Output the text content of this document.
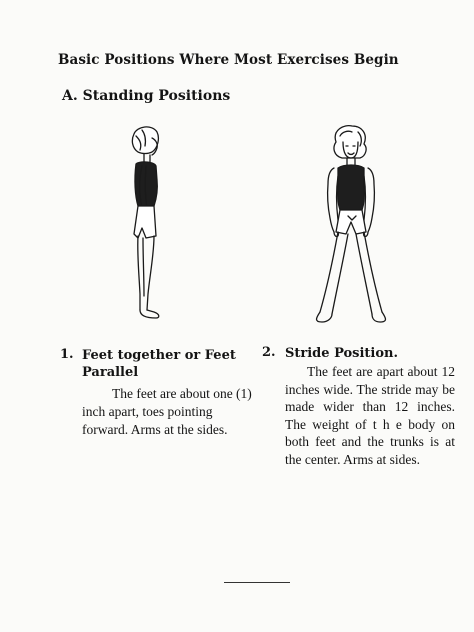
Basic Positions Where Most Exercises Begin
A. Standing Positions
1. Feet together or Feet Parallel
The feet are about one (1) inch apart, toes pointing forward. Arms at the sides.
2. Stride Position.
The feet are apart about 12 inches wide. The stride may be made wider than 12 inches. The weight of t h e body on both feet and the trunks is at the center. Arms at sides.
